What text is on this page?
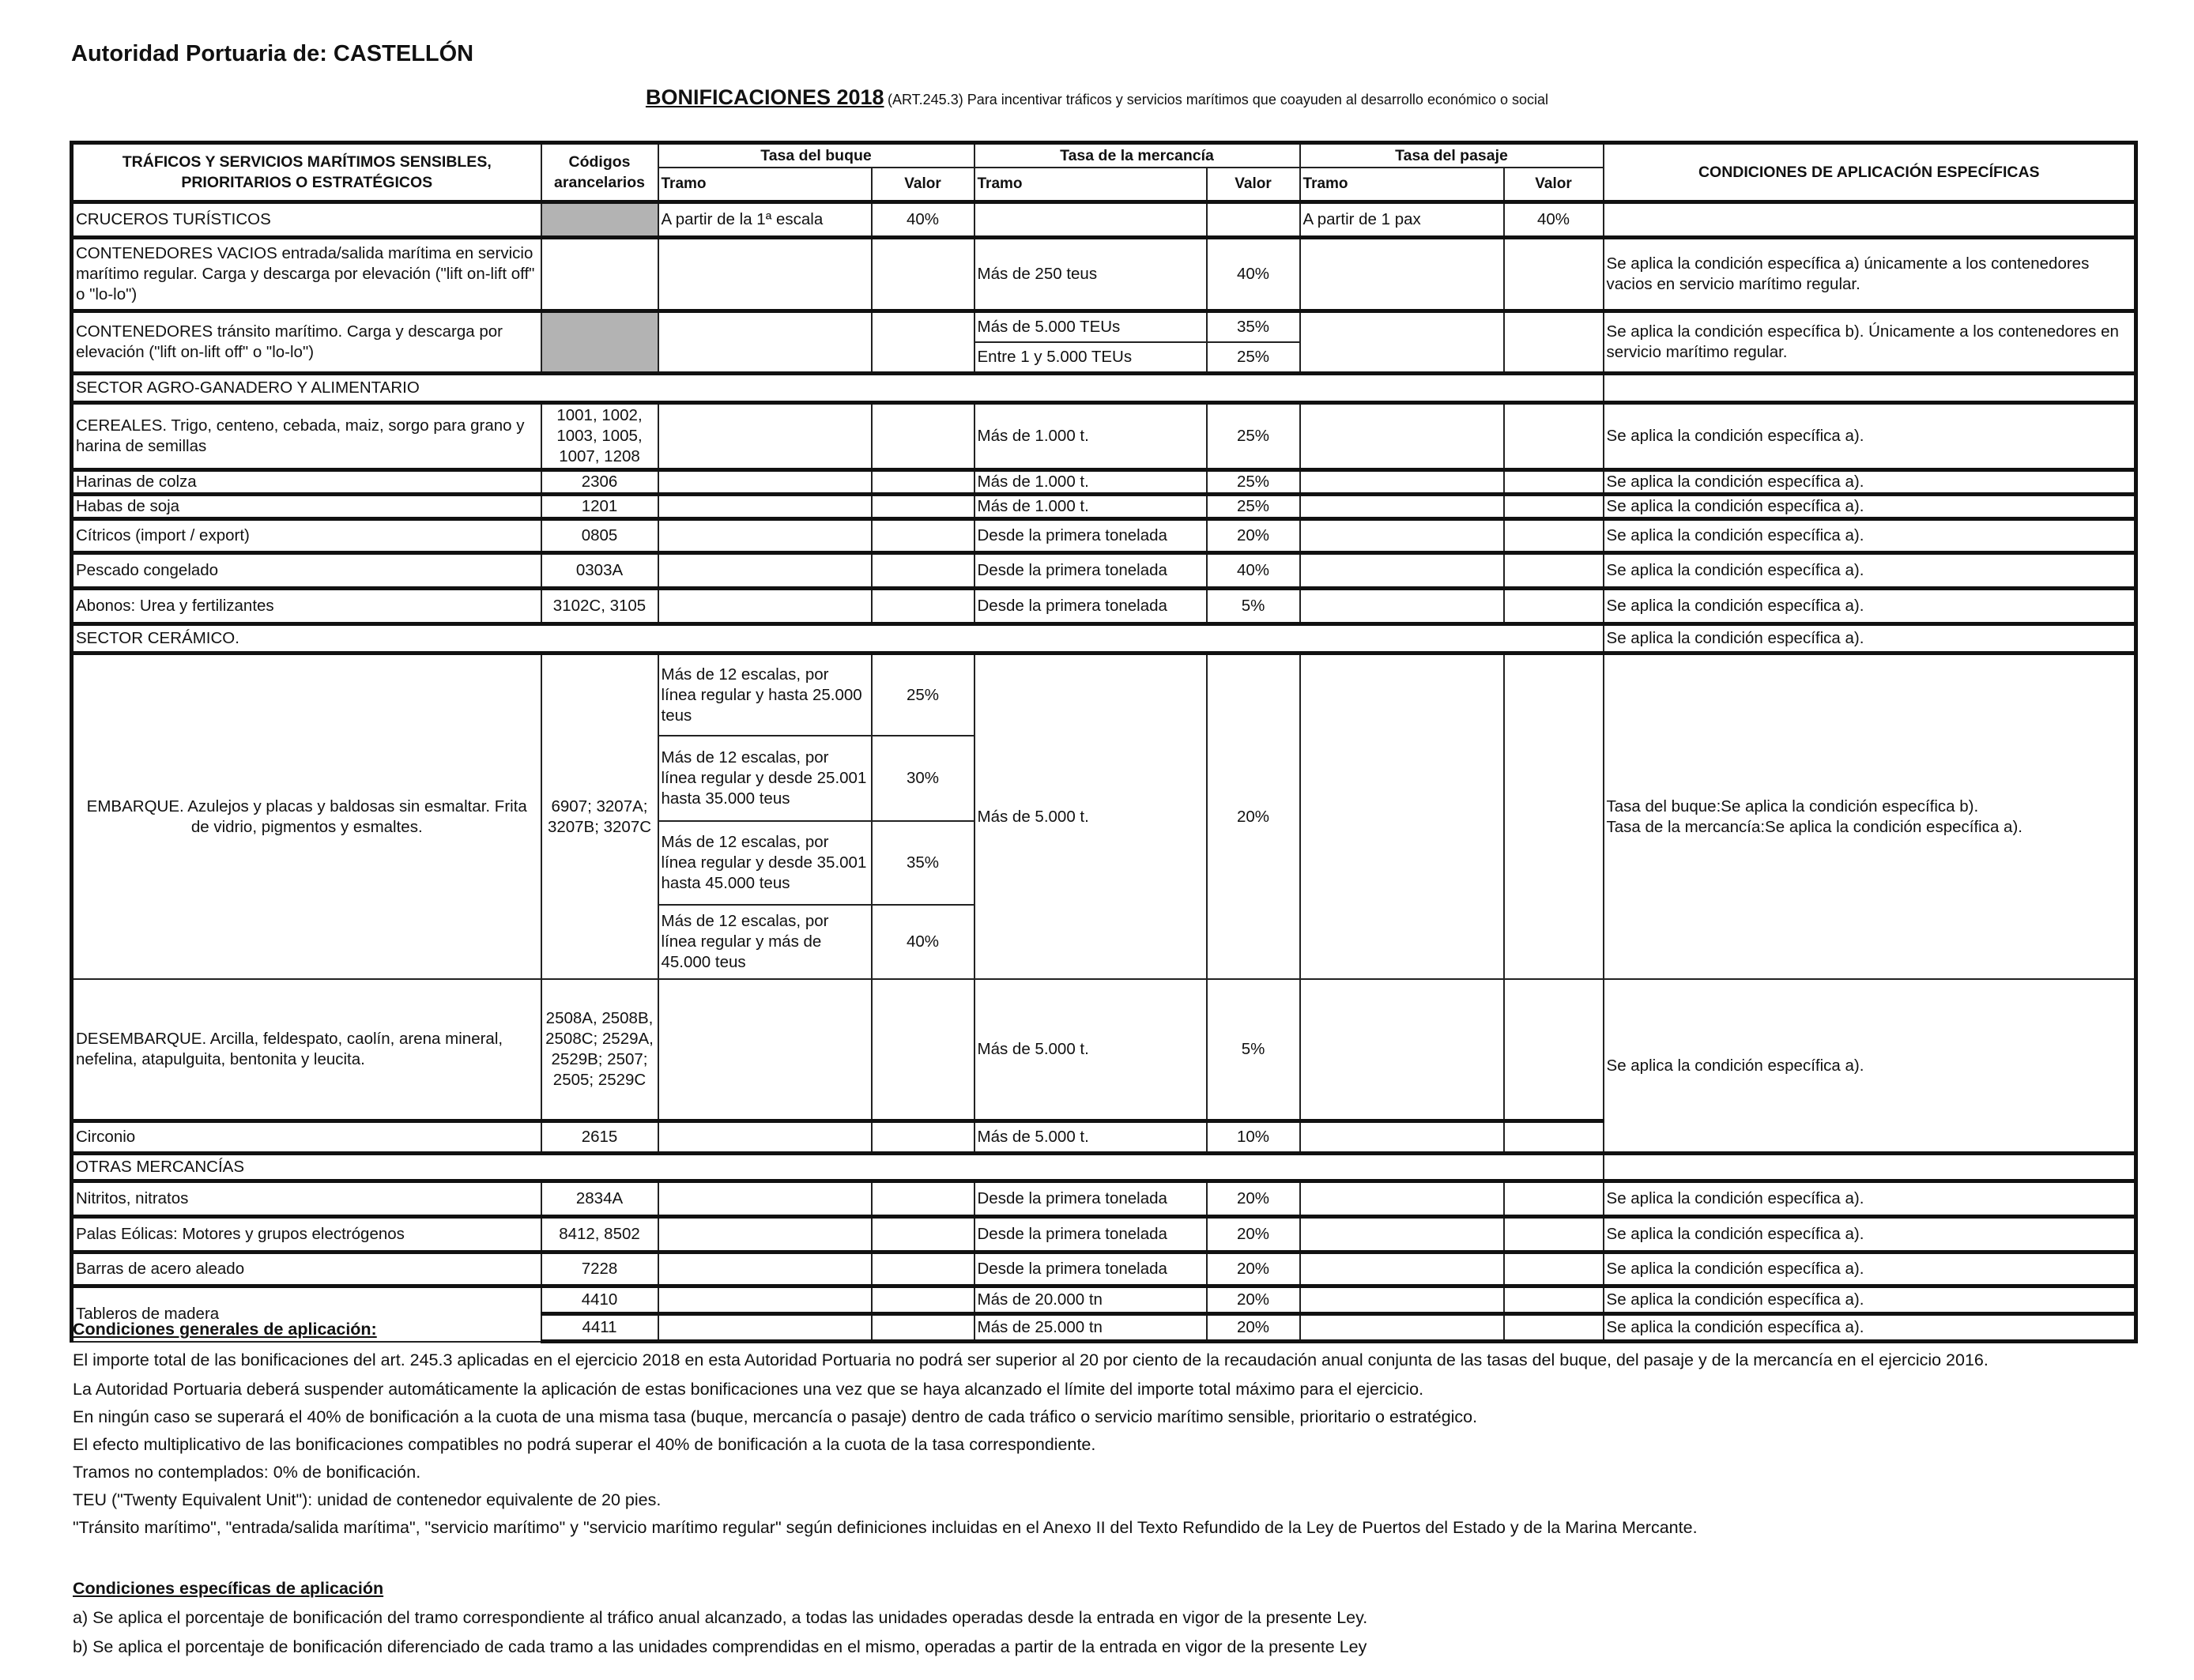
Autoridad Portuaria de: CASTELLÓN
BONIFICACIONES 2018 (ART.245.3) Para incentivar tráficos y servicios marítimos que coayuden al desarrollo económico o social
TRÁFICOS Y SERVICIOS MARÍTIMOS SENSIBLES, PRIORITARIOS O ESTRATÉGICOS	Códigos arancelarios	Tasa del buque		Tasa de la mercancía		Tasa del pasaje		CONDICIONES DE APLICACIÓN ESPECÍFICAS
		Tramo	Valor	Tramo	Valor	Tramo	Valor	
CRUCEROS TURÍSTICOS		A partir de la 1ª escala	40%			A partir de 1 pax	40%	
CONTENEDORES VACIOS entrada/salida marítima en servicio marítimo regular. Carga y descarga por elevación ("lift on-lift off" o "lo-lo")				Más de 250 teus	40%			Se aplica la condición específica a) únicamente a los contenedores vacios en servicio marítimo regular.
CONTENEDORES tránsito marítimo. Carga y descarga por elevación ("lift on-lift off" o "lo-lo")				Más de 5.000 TEUs	35%			Se aplica la condición específica b). Únicamente a los contenedores en servicio marítimo regular.
				Entre 1 y 5.000 TEUs	25%			
SECTOR AGRO-GANADERO Y ALIMENTARIO								
CEREALES. Trigo, centeno, cebada, maiz, sorgo para grano y harina de semillas	1001, 1002, 1003, 1005, 1007, 1208			Más de 1.000 t.	25%			Se aplica la condición específica a).
Harinas de colza	2306			Más de 1.000 t.	25%			Se aplica la condición específica a).
Habas de soja	1201			Más de 1.000 t.	25%			Se aplica la condición específica a).
Cítricos (import / export)	0805			Desde la primera tonelada	20%			Se aplica la condición específica a).
Pescado congelado	0303A			Desde la primera tonelada	40%			Se aplica la condición específica a).
Abonos: Urea y fertilizantes	3102C, 3105			Desde la primera tonelada	5%			Se aplica la condición específica a).
SECTOR CERÁMICO.								Se aplica la condición específica a).
EMBARQUE. Azulejos y placas y baldosas sin esmaltar. Frita de vidrio, pigmentos y esmaltes.	6907; 3207A; 3207B; 3207C	Más de 12 escalas, por línea regular y hasta 25.000 teus	25%	Más de 5.000 t.	20%			Tasa del buque:Se aplica la condición específica b).
Tasa de la mercancía:Se aplica la condición específica a).

		Más de 12 escalas, por línea regular y desde 25.001 hasta 35.000 teus	30%					
		Más de 12 escalas, por línea regular y desde 35.001 hasta 45.000 teus	35%					
		Más de 12 escalas, por línea regular y más de 45.000 teus	40%					
DESEMBARQUE. Arcilla, feldespato, caolín, arena mineral, nefelina, atapulguita, bentonita y leucita.	2508A, 2508B, 2508C; 2529A, 2529B; 2507; 2505; 2529C			Más de 5.000 t.	5%			Se aplica la condición específica a).
Circonio	2615			Más de 5.000 t.	10%			
OTRAS MERCANCÍAS								
Nitritos, nitratos	2834A			Desde la primera tonelada	20%			Se aplica la condición específica a).
Palas Eólicas: Motores y grupos electrógenos	8412, 8502			Desde la primera tonelada	20%			Se aplica la condición específica a).
Barras de acero aleado	7228			Desde la primera tonelada	20%			Se aplica la condición específica a).
Tableros de madera	4410			Más de 20.000 tn	20%			Se aplica la condición específica a).
	4411			Más de 25.000 tn	20%			Se aplica la condición específica a).

Condiciones generales de aplicación:

El importe total de las bonificaciones del art. 245.3 aplicadas en el ejercicio 2018 en esta Autoridad Portuaria no podrá ser superior al 20 por ciento de la recaudación anual conjunta de las tasas del buque, del pasaje y de la mercancía en el ejercicio 2016.

La Autoridad Portuaria deberá suspender automáticamente la aplicación de estas bonificaciones una vez que se haya alcanzado el límite del importe total máximo para el ejercicio.

En ningún caso se superará el 40% de bonificación a la cuota de una misma tasa (buque, mercancía o pasaje) dentro de cada tráfico o servicio marítimo sensible, prioritario o estratégico.

El efecto multiplicativo de las bonificaciones compatibles no podrá superar el 40% de bonificación a la cuota de la tasa correspondiente.

Tramos no contemplados: 0% de bonificación.

TEU ("Twenty Equivalent Unit"): unidad de contenedor equivalente de 20 pies.

"Tránsito marítimo", "entrada/salida marítima", "servicio marítimo" y "servicio marítimo regular" según definiciones incluidas en el Anexo II del Texto Refundido de la Ley de Puertos del Estado y de la Marina Mercante.

Condiciones específicas de aplicación

a) Se aplica el porcentaje de bonificación del tramo correspondiente al tráfico anual alcanzado, a todas las unidades operadas desde la entrada en vigor de la presente Ley.

b) Se aplica el porcentaje de bonificación diferenciado de cada tramo a las unidades comprendidas en el mismo, operadas a partir de la entrada en vigor de la presente Ley
